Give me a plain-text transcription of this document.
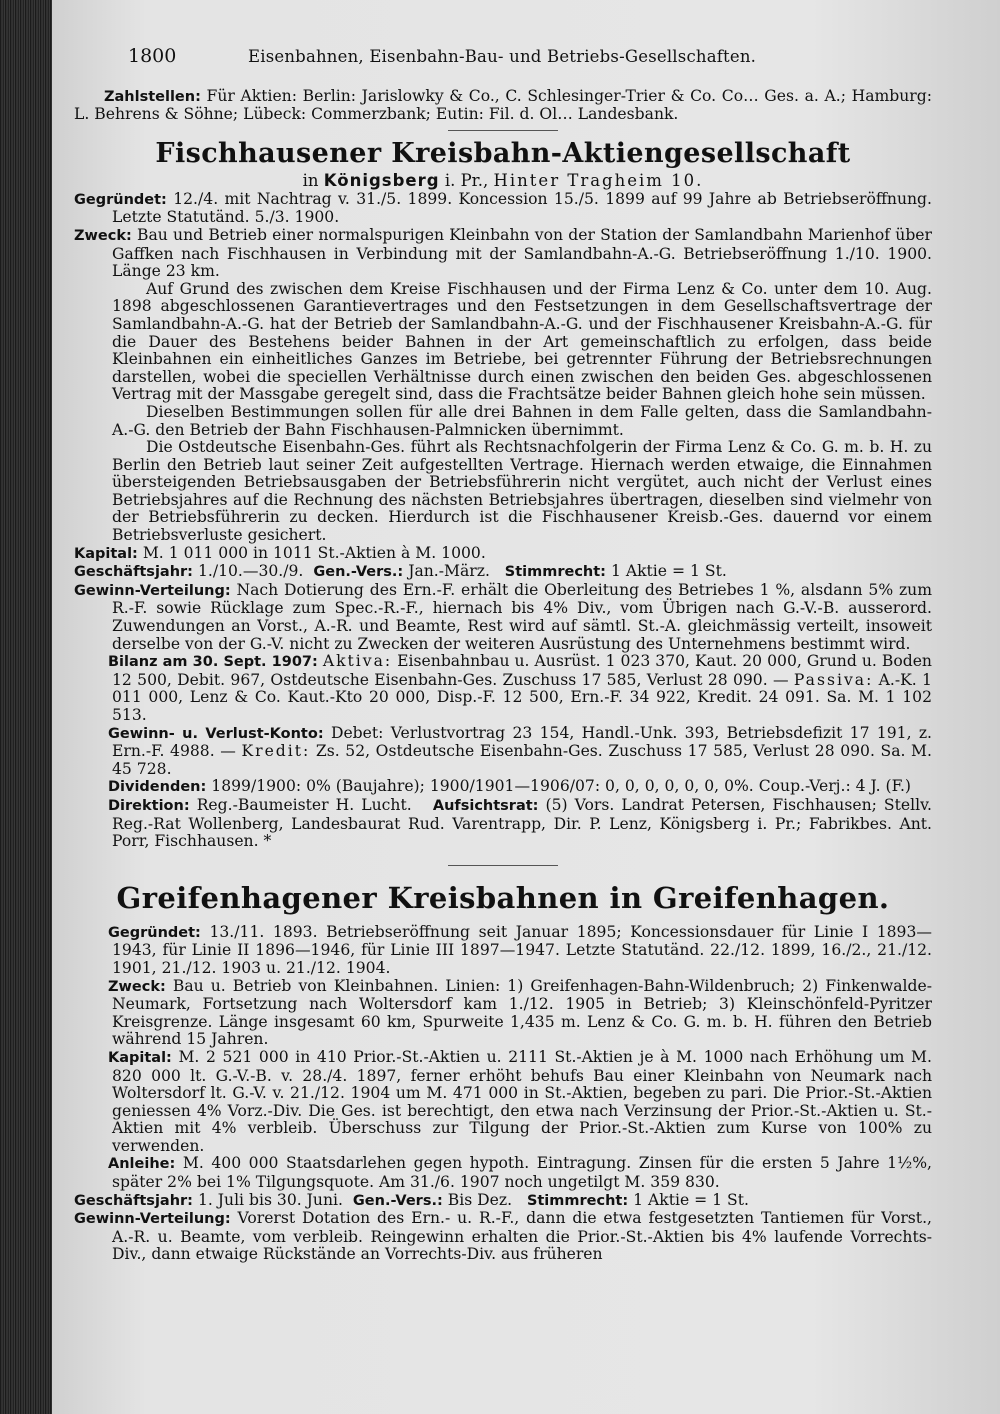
1800	Eisenbahnen, Eisenbahn-Bau- und Betriebs-Gesellschaften.

Zahlstellen: Für Aktien: Berlin: Jarislowky & Co., C. Schlesinger-Trier & Co. Co… Ges. a. A.; Hamburg: L. Behrens & Söhne; Lübeck: Commerzbank; Eutin: Fil. d. Ol… Landesbank.

Fischhausener Kreisbahn-Aktiengesellschaft
in Königsberg i. Pr., Hinter Tragheim 10.

Gegründet: 12./4. mit Nachtrag v. 31./5. 1899. Koncession 15./5. 1899 auf 99 Jahre ab Betriebseröffnung. Letzte Statutänd. 5./3. 1900.

Zweck: Bau und Betrieb einer normalspurigen Kleinbahn von der Station der Samlandbahn Marienhof über Gaffken nach Fischhausen in Verbindung mit der Samlandbahn-A.-G. Betriebseröffnung 1./10. 1900. Länge 23 km.

Auf Grund des zwischen dem Kreise Fischhausen und der Firma Lenz & Co. unter dem 10. Aug. 1898 abgeschlossenen Garantievertrages und den Festsetzungen in dem Gesellschaftsvertrage der Samlandbahn-A.-G. hat der Betrieb der Samlandbahn-A.-G. und der Fischhausener Kreisbahn-A.-G. für die Dauer des Bestehens beider Bahnen in der Art gemeinschaftlich zu erfolgen, dass beide Kleinbahnen ein einheitliches Ganzes im Betriebe, bei getrennter Führung der Betriebsrechnungen darstellen, wobei die speciellen Verhältnisse durch einen zwischen den beiden Ges. abgeschlossenen Vertrag mit der Massgabe geregelt sind, dass die Frachtsätze beider Bahnen gleich hohe sein müssen.

Dieselben Bestimmungen sollen für alle drei Bahnen in dem Falle gelten, dass die Samlandbahn-A.-G. den Betrieb der Bahn Fischhausen-Palmnicken übernimmt.

Die Ostdeutsche Eisenbahn-Ges. führt als Rechtsnachfolgerin der Firma Lenz & Co. G. m. b. H. zu Berlin den Betrieb laut seiner Zeit aufgestellten Vertrage. Hiernach werden etwaige, die Einnahmen übersteigenden Betriebsausgaben der Betriebsführerin nicht vergütet, auch nicht der Verlust eines Betriebsjahres auf die Rechnung des nächsten Betriebsjahres übertragen, dieselben sind vielmehr von der Betriebsführerin zu decken. Hierdurch ist die Fischhausener Kreisb.-Ges. dauernd vor einem Betriebsverluste gesichert.

Kapital: M. 1 011 000 in 1011 St.-Aktien à M. 1000.

Geschäftsjahr: 1./10.—30./9. Gen.-Vers.: Jan.-März. Stimmrecht: 1 Aktie = 1 St.

Gewinn-Verteilung: Nach Dotierung des Ern.-F. erhält die Oberleitung des Betriebes 1 %, alsdann 5% zum R.-F. sowie Rücklage zum Spec.-R.-F., hiernach bis 4% Div., vom Übrigen nach G.-V.-B. ausserord. Zuwendungen an Vorst., A.-R. und Beamte, Rest wird auf sämtl. St.-A. gleichmässig verteilt, insoweit derselbe von der G.-V. nicht zu Zwecken der weiteren Ausrüstung des Unternehmens bestimmt wird.

Bilanz am 30. Sept. 1907: Aktiva: Eisenbahnbau u. Ausrüst. 1 023 370, Kaut. 20 000, Grund u. Boden 12 500, Debit. 967, Ostdeutsche Eisenbahn-Ges. Zuschuss 17 585, Verlust 28 090. — Passiva: A.-K. 1 011 000, Lenz & Co. Kaut.-Kto 20 000, Disp.-F. 12 500, Ern.-F. 34 922, Kredit. 24 091. Sa. M. 1 102 513.

Gewinn- u. Verlust-Konto: Debet: Verlustvortrag 23 154, Handl.-Unk. 393, Betriebsdefizit 17 191, z. Ern.-F. 4988. — Kredit: Zs. 52, Ostdeutsche Eisenbahn-Ges. Zuschuss 17 585, Verlust 28 090. Sa. M. 45 728.

Dividenden: 1899/1900: 0% (Baujahre); 1900/1901—1906/07: 0, 0, 0, 0, 0, 0, 0%. Coup.-Verj.: 4 J. (F.)

Direktion: Reg.-Baumeister H. Lucht. Aufsichtsrat: (5) Vors. Landrat Petersen, Fischhausen; Stellv. Reg.-Rat Wollenberg, Landesbaurat Rud. Varentrapp, Dir. P. Lenz, Königsberg i. Pr.; Fabrikbes. Ant. Porr, Fischhausen. *

Greifenhagener Kreisbahnen in Greifenhagen.

Gegründet: 13./11. 1893. Betriebseröffnung seit Januar 1895; Koncessionsdauer für Linie I 1893—1943, für Linie II 1896—1946, für Linie III 1897—1947. Letzte Statutänd. 22./12. 1899, 16./2., 21./12. 1901, 21./12. 1903 u. 21./12. 1904.

Zweck: Bau u. Betrieb von Kleinbahnen. Linien: 1) Greifenhagen-Bahn-Wildenbruch; 2) Finkenwalde-Neumark, Fortsetzung nach Woltersdorf kam 1./12. 1905 in Betrieb; 3) Kleinschönfeld-Pyritzer Kreisgrenze. Länge insgesamt 60 km, Spurweite 1,435 m. Lenz & Co. G. m. b. H. führen den Betrieb während 15 Jahren.

Kapital: M. 2 521 000 in 410 Prior.-St.-Aktien u. 2111 St.-Aktien je à M. 1000 nach Erhöhung um M. 820 000 lt. G.-V.-B. v. 28./4. 1897, ferner erhöht behufs Bau einer Kleinbahn von Neumark nach Woltersdorf lt. G.-V. v. 21./12. 1904 um M. 471 000 in St.-Aktien, begeben zu pari. Die Prior.-St.-Aktien geniessen 4% Vorz.-Div. Die Ges. ist berechtigt, den etwa nach Verzinsung der Prior.-St.-Aktien u. St.-Aktien mit 4% verbleib. Überschuss zur Tilgung der Prior.-St.-Aktien zum Kurse von 100% zu verwenden.

Anleihe: M. 400 000 Staatsdarlehen gegen hypoth. Eintragung. Zinsen für die ersten 5 Jahre 1½%, später 2% bei 1% Tilgungsquote. Am 31./6. 1907 noch ungetilgt M. 359 830.

Geschäftsjahr: 1. Juli bis 30. Juni. Gen.-Vers.: Bis Dez. Stimmrecht: 1 Aktie = 1 St.

Gewinn-Verteilung: Vorerst Dotation des Ern.- u. R.-F., dann die etwa festgesetzten Tantiemen für Vorst., A.-R. u. Beamte, vom verbleib. Reingewinn erhalten die Prior.-St.-Aktien bis 4% laufende Vorrechts-Div., dann etwaige Rückstände an Vorrechts-Div. aus früheren
